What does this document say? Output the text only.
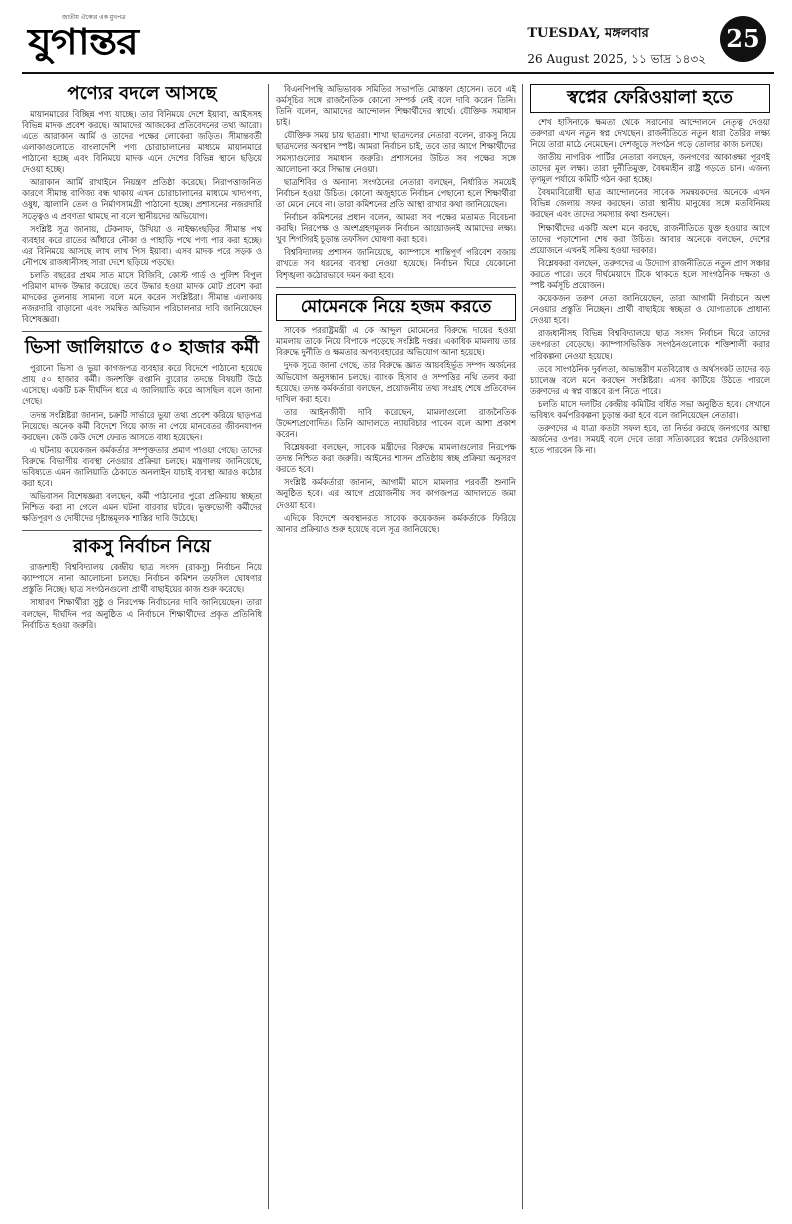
জাতীয় ঐক্যের এক মুখপত্র
যুগান্তর	TUESDAY, মঙ্গলবার
26 August 2025, ১১ ভাদ্র ১৪৩২
25
পণ্যের বদলে আসছে

মায়ানমারের বিচ্ছিন্ন পণ্য যাচ্ছে। তার বিনিময়ে দেশে ইয়াবা, আইসসহ বিভিন্ন মাদক প্রবেশ করছে। আমাদের আজকের প্রতিবেদনের তথ্য আরো। এতে আরাকান আর্মি ও তাদের পক্ষের লোকেরা জড়িত। সীমান্তবর্তী এলাকাগুলোতে বাংলাদেশি পণ্য চোরাচালানের মাধ্যমে মায়ানমারে পাঠানো হচ্ছে এবং বিনিময়ে মাদক এনে দেশের বিভিন্ন স্থানে ছড়িয়ে দেওয়া হচ্ছে।

আরাকান আর্মি রাখাইনে নিয়ন্ত্রণ প্রতিষ্ঠা করেছে। নিরাপত্তাজনিত কারণে সীমান্ত বাণিজ্য বন্ধ থাকায় এখন চোরাচালানের মাধ্যমে খাদ্যপণ্য, ওষুধ, জ্বালানি তেল ও নির্মাণসামগ্রী পাঠানো হচ্ছে। প্রশাসনের নজরদারি সত্ত্বেও এ প্রবণতা থামছে না বলে স্থানীয়দের অভিযোগ।

সংশ্লিষ্ট সূত্র জানায়, টেকনাফ, উখিয়া ও নাইক্ষ্যংছড়ির সীমান্ত পথ ব্যবহার করে রাতের আঁধারে নৌকা ও পাহাড়ি পথে পণ্য পার করা হচ্ছে। এর বিনিময়ে আসছে লাখ লাখ পিস ইয়াবা। এসব মাদক পরে সড়ক ও নৌপথে রাজধানীসহ সারা দেশে ছড়িয়ে পড়ছে।

চলতি বছরের প্রথম সাত মাসে বিজিবি, কোস্ট গার্ড ও পুলিশ বিপুল পরিমাণ মাদক উদ্ধার করেছে। তবে উদ্ধার হওয়া মাদক মোট প্রবেশ করা মাদকের তুলনায় সামান্য বলে মনে করেন সংশ্লিষ্টরা। সীমান্ত এলাকায় নজরদারি বাড়ানো এবং সমন্বিত অভিযান পরিচালনার দাবি জানিয়েছেন বিশেষজ্ঞরা।

ভিসা জালিয়াতে ৫০ হাজার কর্মী

পুরানো ভিসা ও ভুয়া কাগজপত্র ব্যবহার করে বিদেশে পাঠানো হয়েছে প্রায় ৫০ হাজার কর্মী। জনশক্তি রপ্তানি ব্যুরোর তদন্তে বিষয়টি উঠে এসেছে। একটি চক্র দীর্ঘদিন ধরে এ জালিয়াতি করে আসছিল বলে জানা গেছে।

তদন্ত সংশ্লিষ্টরা জানান, চক্রটি সার্ভারে ভুয়া তথ্য প্রবেশ করিয়ে ছাড়পত্র নিয়েছে। অনেক কর্মী বিদেশে গিয়ে কাজ না পেয়ে মানবেতর জীবনযাপন করছেন। কেউ কেউ দেশে ফেরত আসতে বাধ্য হয়েছেন।

এ ঘটনায় কয়েকজন কর্মকর্তার সম্পৃক্ততার প্রমাণ পাওয়া গেছে। তাদের বিরুদ্ধে বিভাগীয় ব্যবস্থা নেওয়ার প্রক্রিয়া চলছে। মন্ত্রণালয় জানিয়েছে, ভবিষ্যতে এমন জালিয়াতি ঠেকাতে অনলাইন যাচাই ব্যবস্থা আরও কঠোর করা হবে।

অভিবাসন বিশেষজ্ঞরা বলছেন, কর্মী পাঠানোর পুরো প্রক্রিয়ায় স্বচ্ছতা নিশ্চিত করা না গেলে এমন ঘটনা বারবার ঘটবে। ভুক্তভোগী কর্মীদের ক্ষতিপূরণ ও দোষীদের দৃষ্টান্তমূলক শাস্তির দাবি উঠেছে।

রাকসু নির্বাচন নিয়ে

রাজশাহী বিশ্ববিদ্যালয় কেন্দ্রীয় ছাত্র সংসদ (রাকসু) নির্বাচন নিয়ে ক্যাম্পাসে নানা আলোচনা চলছে। নির্বাচন কমিশন তফসিল ঘোষণার প্রস্তুতি নিচ্ছে। ছাত্র সংগঠনগুলো প্রার্থী বাছাইয়ের কাজ শুরু করেছে।

সাধারণ শিক্ষার্থীরা সুষ্ঠু ও নিরপেক্ষ নির্বাচনের দাবি জানিয়েছেন। তারা বলছেন, দীর্ঘদিন পর অনুষ্ঠিত এ নির্বাচনে শিক্ষার্থীদের প্রকৃত প্রতিনিধি নির্বাচিত হওয়া জরুরি।

বিএনপিপন্থি অভিভাবক সমিতির সভাপতি মোস্তফা হোসেন। তবে এই কর্মসূচির সঙ্গে রাজনৈতিক কোনো সম্পর্ক নেই বলে দাবি করেন তিনি। তিনি বলেন, আমাদের আন্দোলন শিক্ষার্থীদের স্বার্থে। যৌক্তিক সমাধান চাই।

যৌক্তিক সময় চায় ছাত্ররা। শাখা ছাত্রদলের নেতারা বলেন, রাকসু নিয়ে ছাত্রদলের অবস্থান স্পষ্ট। আমরা নির্বাচন চাই, তবে তার আগে শিক্ষার্থীদের সমস্যাগুলোর সমাধান জরুরি। প্রশাসনের উচিত সব পক্ষের সঙ্গে আলোচনা করে সিদ্ধান্ত নেওয়া।

ছাত্রশিবির ও অন্যান্য সংগঠনের নেতারা বলছেন, নির্ধারিত সময়েই নির্বাচন হওয়া উচিত। কোনো অজুহাতে নির্বাচন পেছানো হলে শিক্ষার্থীরা তা মেনে নেবে না। তারা কমিশনের প্রতি আস্থা রাখার কথা জানিয়েছেন।

নির্বাচন কমিশনের প্রধান বলেন, আমরা সব পক্ষের মতামত বিবেচনা করছি। নিরপেক্ষ ও অংশগ্রহণমূলক নির্বাচন আয়োজনই আমাদের লক্ষ্য। খুব শিগগিরই চূড়ান্ত তফসিল ঘোষণা করা হবে।

বিশ্ববিদ্যালয় প্রশাসন জানিয়েছে, ক্যাম্পাসে শান্তিপূর্ণ পরিবেশ বজায় রাখতে সব ধরনের ব্যবস্থা নেওয়া হয়েছে। নির্বাচন ঘিরে যেকোনো বিশৃঙ্খলা কঠোরভাবে দমন করা হবে।

মোমেনকে নিয়ে হজম করতে

সাবেক পররাষ্ট্রমন্ত্রী এ কে আব্দুল মোমেনের বিরুদ্ধে দায়ের হওয়া মামলায় তাকে নিয়ে বিপাকে পড়েছে সংশ্লিষ্ট দপ্তর। একাধিক মামলায় তার বিরুদ্ধে দুর্নীতি ও ক্ষমতার অপব্যবহারের অভিযোগ আনা হয়েছে।

দুদক সূত্রে জানা গেছে, তার বিরুদ্ধে জ্ঞাত আয়বহির্ভূত সম্পদ অর্জনের অভিযোগ অনুসন্ধান চলছে। ব্যাংক হিসাব ও সম্পত্তির নথি তলব করা হয়েছে। তদন্ত কর্মকর্তারা বলছেন, প্রয়োজনীয় তথ্য সংগ্রহ শেষে প্রতিবেদন দাখিল করা হবে।

তার আইনজীবী দাবি করেছেন, মামলাগুলো রাজনৈতিক উদ্দেশ্যপ্রণোদিত। তিনি আদালতে ন্যায়বিচার পাবেন বলে আশা প্রকাশ করেন।

বিশ্লেষকরা বলছেন, সাবেক মন্ত্রীদের বিরুদ্ধে মামলাগুলোর নিরপেক্ষ তদন্ত নিশ্চিত করা জরুরি। আইনের শাসন প্রতিষ্ঠায় স্বচ্ছ প্রক্রিয়া অনুসরণ করতে হবে।

সংশ্লিষ্ট কর্মকর্তারা জানান, আগামী মাসে মামলার পরবর্তী শুনানি অনুষ্ঠিত হবে। এর আগে প্রয়োজনীয় সব কাগজপত্র আদালতে জমা দেওয়া হবে।

এদিকে বিদেশে অবস্থানরত সাবেক কয়েকজন কর্মকর্তাকে ফিরিয়ে আনার প্রক্রিয়াও শুরু হয়েছে বলে সূত্র জানিয়েছে।

স্বপ্নের ফেরিওয়ালা হতে

শেখ হাসিনাকে ক্ষমতা থেকে সরানোর আন্দোলনে নেতৃত্ব দেওয়া তরুণরা এখন নতুন স্বপ্ন দেখছেন। রাজনীতিতে নতুন ধারা তৈরির লক্ষ্য নিয়ে তারা মাঠে নেমেছেন। দেশজুড়ে সংগঠন গড়ে তোলার কাজ চলছে।

জাতীয় নাগরিক পার্টির নেতারা বলছেন, জনগণের আকাঙ্ক্ষা পূরণই তাদের মূল লক্ষ্য। তারা দুর্নীতিমুক্ত, বৈষম্যহীন রাষ্ট্র গড়তে চান। এজন্য তৃণমূল পর্যায়ে কমিটি গঠন করা হচ্ছে।

বৈষম্যবিরোধী ছাত্র আন্দোলনের সাবেক সমন্বয়কদের অনেকে এখন বিভিন্ন জেলায় সফর করছেন। তারা স্থানীয় মানুষের সঙ্গে মতবিনিময় করছেন এবং তাদের সমস্যার কথা শুনছেন।

শিক্ষার্থীদের একটি অংশ মনে করছে, রাজনীতিতে যুক্ত হওয়ার আগে তাদের পড়াশোনা শেষ করা উচিত। আবার অনেকে বলছেন, দেশের প্রয়োজনে এখনই সক্রিয় হওয়া দরকার।

বিশ্লেষকরা বলছেন, তরুণদের এ উদ্যোগ রাজনীতিতে নতুন প্রাণ সঞ্চার করতে পারে। তবে দীর্ঘমেয়াদে টিকে থাকতে হলে সাংগঠনিক দক্ষতা ও স্পষ্ট কর্মসূচি প্রয়োজন।

কয়েকজন তরুণ নেতা জানিয়েছেন, তারা আগামী নির্বাচনে অংশ নেওয়ার প্রস্তুতি নিচ্ছেন। প্রার্থী বাছাইয়ে স্বচ্ছতা ও যোগ্যতাকে প্রাধান্য দেওয়া হবে।

রাজধানীসহ বিভিন্ন বিশ্ববিদ্যালয়ে ছাত্র সংসদ নির্বাচন ঘিরে তাদের তৎপরতা বেড়েছে। ক্যাম্পাসভিত্তিক সংগঠনগুলোকে শক্তিশালী করার পরিকল্পনা নেওয়া হয়েছে।

তবে সাংগঠনিক দুর্বলতা, অভ্যন্তরীণ মতবিরোধ ও অর্থসংকট তাদের বড় চ্যালেঞ্জ বলে মনে করছেন সংশ্লিষ্টরা। এসব কাটিয়ে উঠতে পারলে তরুণদের এ স্বপ্ন বাস্তবে রূপ নিতে পারে।

চলতি মাসে দলটির কেন্দ্রীয় কমিটির বর্ধিত সভা অনুষ্ঠিত হবে। সেখানে ভবিষ্যৎ কর্মপরিকল্পনা চূড়ান্ত করা হবে বলে জানিয়েছেন নেতারা।

তরুণদের এ যাত্রা কতটা সফল হবে, তা নির্ভর করছে জনগণের আস্থা অর্জনের ওপর। সময়ই বলে দেবে তারা সত্যিকারের স্বপ্নের ফেরিওয়ালা হতে পারবেন কি না।
